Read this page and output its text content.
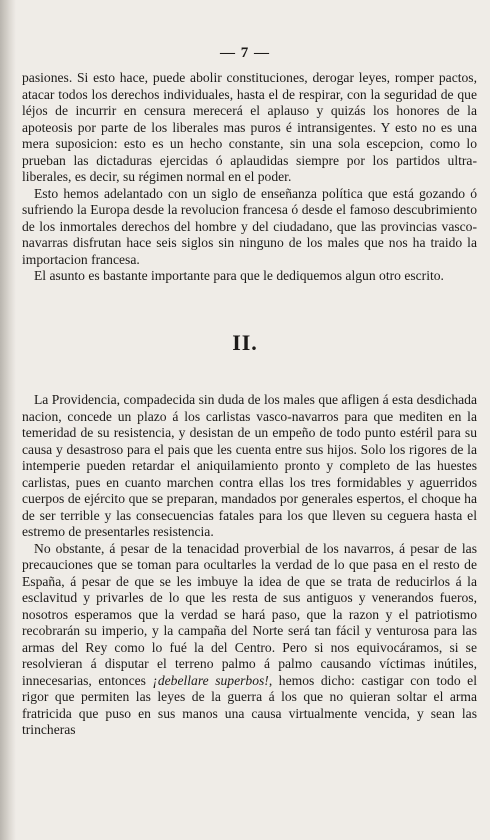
— 7 —

pasiones. Si esto hace, puede abolir constituciones, derogar leyes, romper pactos, atacar todos los derechos individuales, hasta el de respirar, con la seguridad de que léjos de incurrir en censura merecerá el aplauso y quizás los honores de la apoteosis por parte de los liberales mas puros é intransigentes. Y esto no es una mera suposicion: esto es un hecho constante, sin una sola escepcion, como lo prueban las dictaduras ejercidas ó aplaudidas siempre por los partidos ultra-liberales, es decir, su régimen normal en el poder.

Esto hemos adelantado con un siglo de enseñanza política que está gozando ó sufriendo la Europa desde la revolucion francesa ó desde el famoso descubrimiento de los inmortales derechos del hombre y del ciudadano, que las provincias vasco-navarras disfrutan hace seis siglos sin ninguno de los males que nos ha traido la importacion francesa.

El asunto es bastante importante para que le dediquemos algun otro escrito.

II.

La Providencia, compadecida sin duda de los males que afligen á esta desdichada nacion, concede un plazo á los carlistas vasco-navarros para que mediten en la temeridad de su resistencia, y desistan de un empeño de todo punto estéril para su causa y desastroso para el pais que les cuenta entre sus hijos. Solo los rigores de la intemperie pueden retardar el aniquilamiento pronto y completo de las huestes carlistas, pues en cuanto marchen contra ellas los tres formidables y aguerridos cuerpos de ejército que se preparan, mandados por generales espertos, el choque ha de ser terrible y las consecuencias fatales para los que lleven su ceguera hasta el estremo de presentarles resistencia.

No obstante, á pesar de la tenacidad proverbial de los navarros, á pesar de las precauciones que se toman para ocultarles la verdad de lo que pasa en el resto de España, á pesar de que se les imbuye la idea de que se trata de reducirlos á la esclavitud y privarles de lo que les resta de sus antiguos y venerandos fueros, nosotros esperamos que la verdad se hará paso, que la razon y el patriotismo recobrarán su imperio, y la campaña del Norte será tan fácil y venturosa para las armas del Rey como lo fué la del Centro. Pero si nos equivocáramos, si se resolvieran á disputar el terreno palmo á palmo causando víctimas inútiles, innecesarias, entonces ¡debellare superbos!, hemos dicho: castigar con todo el rigor que permiten las leyes de la guerra á los que no quieran soltar el arma fratricida que puso en sus manos una causa virtualmente vencida, y sean las trincheras
